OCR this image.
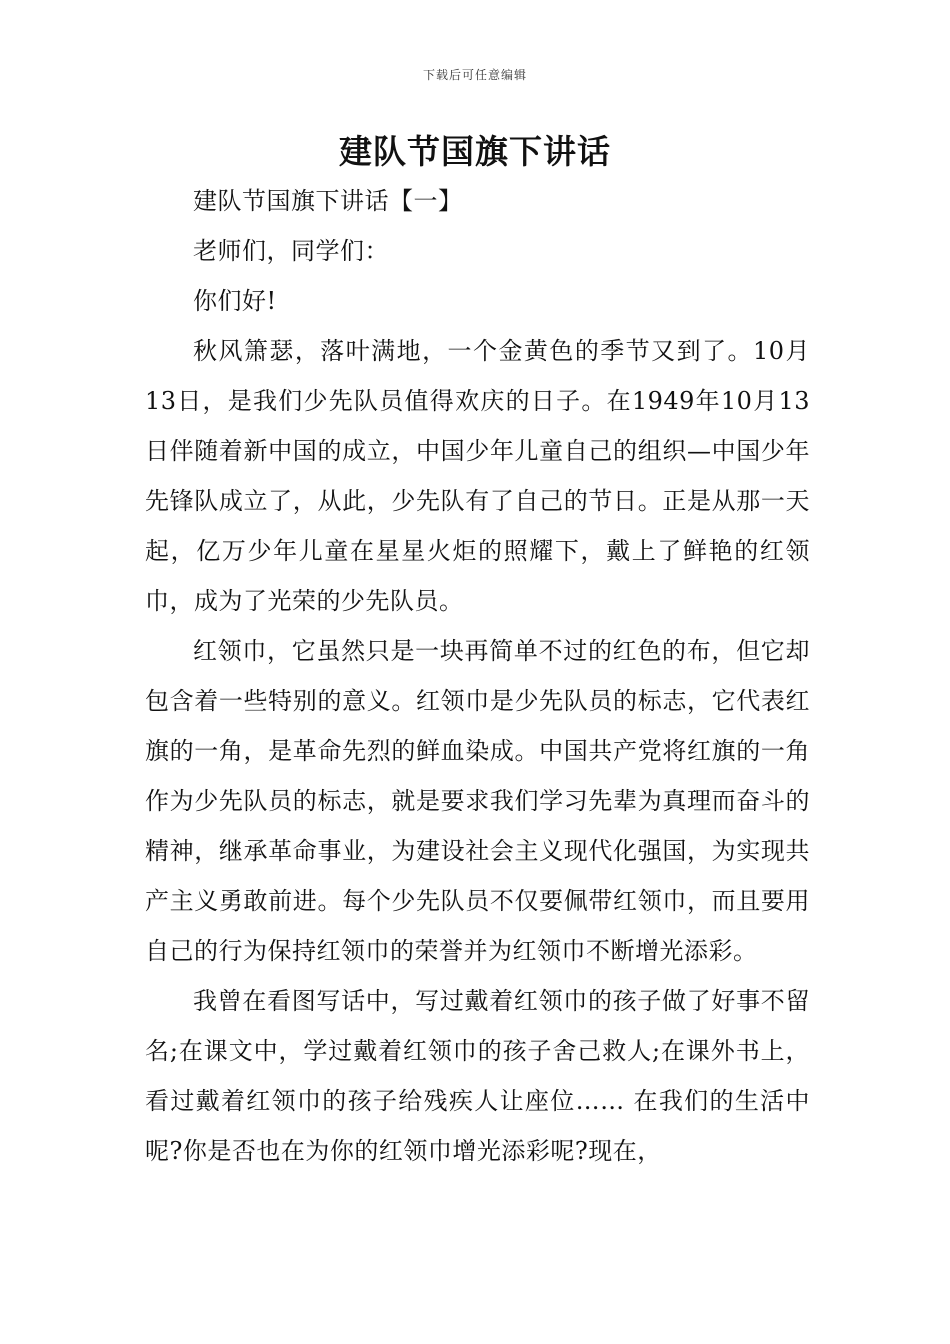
下载后可任意编辑
建队节国旗下讲话

建队节国旗下讲话【一】

老师们，同学们：

你们好!

秋风箫瑟，落叶满地，一个金黄色的季节又到了。10月13日，是我们少先队员值得欢庆的日子。在1949年10月13日伴随着新中国的成立，中国少年儿童自己的组织—中国少年先锋队成立了，从此，少先队有了自己的节日。正是从那一天起，亿万少年儿童在星星火炬的照耀下，戴上了鲜艳的红领巾，成为了光荣的少先队员。

红领巾，它虽然只是一块再简单不过的红色的布，但它却包含着一些特别的意义。红领巾是少先队员的标志，它代表红旗的一角，是革命先烈的鲜血染成。中国共产党将红旗的一角作为少先队员的标志，就是要求我们学习先辈为真理而奋斗的精神，继承革命事业，为建设社会主义现代化强国，为实现共产主义勇敢前进。每个少先队员不仅要佩带红领巾，而且要用自己的行为保持红领巾的荣誉并为红领巾不断增光添彩。

我曾在看图写话中，写过戴着红领巾的孩子做了好事不留名;在课文中，学过戴着红领巾的孩子舍己救人;在课外书上，看过戴着红领巾的孩子给残疾人让座位…… 在我们的生活中呢?你是否也在为你的红领巾增光添彩呢?现在，
